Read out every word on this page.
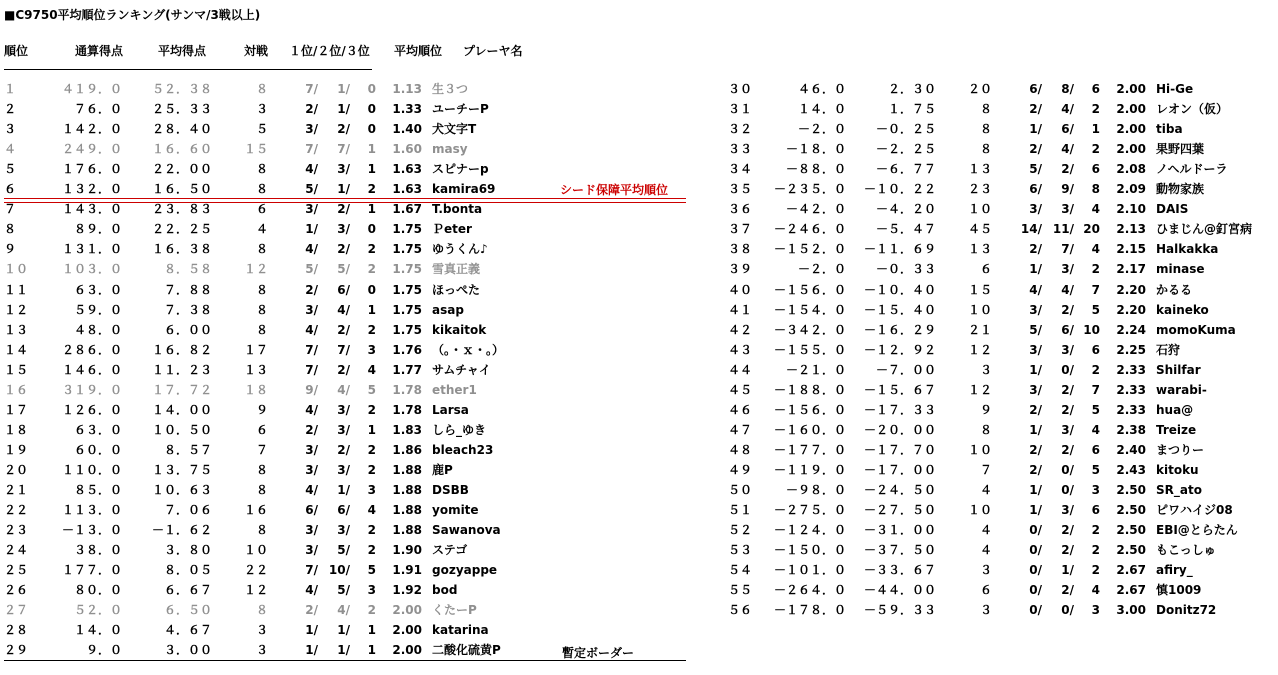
■C9750平均順位ランキング(サンマ/3戦以上)
順位	通算得点	平均得点	対戦 １位/２位/３位 平均順位 プレーヤ名
シード保障平均順位
暫定ボーダー
１	４１９．０	５２．３８	８	7/	1/	0	1.13 生３つ
２	７６．０	２５．３３	３	2/	1/	0	1.33 ユーチーP
３	１４２．０	２８．４０	５	3/	2/	0	1.40 犬文字T
４	２４９．０	１６．６０	１５	7/	7/	1	1.60 masy
５	１７６．０	２２．００	８	4/	3/	1	1.63 スピナーp
６	１３２．０	１６．５０	８	5/	1/	2	1.63 kamira69
７	１４３．０	２３．８３	６	3/	2/	1	1.67 T.bonta
８	８９．０	２２．２５	４	1/	3/	0	1.75 Ｐeter
９	１３１．０	１６．３８	８	4/	2/	2	1.75 ゆうくん♪
１０	１０３．０	８．５８	１２	5/	5/	2	1.75 雪真正義
１１	６３．０	７．８８	８	2/	6/	0	1.75 ほっぺた
１２	５９．０	７．３８	８	3/	4/	1	1.75 asap
１３	４８．０	６．００	８	4/	2/	2	1.75 kikaitok
１４	２８６．０	１６．８２	１７	7/	7/	3	1.76 （。・ｘ・。）
１５	１４６．０	１１．２３	１３	7/	2/	4	1.77 サムチャイ
１６	３１９．０	１７．７２	１８	9/	4/	5	1.78 ether1
１７	１２６．０	１４．００	９	4/	3/	2	1.78 Larsa
１８	６３．０	１０．５０	６	2/	3/	1	1.83 しら_ゆき
１９	６０．０	８．５７	７	3/	2/	2	1.86 bleach23
２０	１１０．０	１３．７５	８	3/	3/	2	1.88 鹿P
２１	８５．０	１０．６３	８	4/	1/	3	1.88 DSBB
２２	１１３．０	７．０６	１６	6/	6/	4	1.88 yomite
２３	－１３．０	－１．６２	８	3/	3/	2	1.88 Sawanova
２４	３８．０	３．８０	１０	3/	5/	2	1.90 ステゴ
２５	１７７．０	８．０５	２２	7/ 10/	5	1.91 gozyappe
２６	８０．０	６．６７	１２	4/	5/	3	1.92 bod
２７	５２．０	６．５０	８	2/	4/	2	2.00 くたーP
２８	１４．０	４．６７	３	1/	1/	1	2.00 katarina
２９	９．０	３．００	３	1/	1/	1	2.00 二酸化硫黄P
３０	４６．０	２．３０	２０	6/	8/	6	2.00 Hi-Ge
３１	１４．０	１．７５	８	2/	4/	2	2.00 レオン（仮）
３２	－２．０	－０．２５	８	1/	6/	1	2.00 tiba
３３	－１８．０	－２．２５	８	2/	4/	2	2.00 果野四葉
３４	－８８．０	－６．７７	１３	5/	2/	6	2.08 ノヘルドーラ
３５	－２３５．０	－１０．２２	２３	6/	9/	8	2.09 動物家族
３６	－４２．０	－４．２０	１０	3/	3/	4	2.10 DAIS
３７	－２４６．０	－５．４７	４５	14/ 11/ 20	2.13 ひまじん@釘宮病
３８	－１５２．０	－１１．６９	１３	2/	7/	4	2.15 Halkakka
３９	－２．０	－０．３３	６	1/	3/	2	2.17 minase
４０	－１５６．０	－１０．４０	１５	4/	4/	7	2.20 かるる
４１	－１５４．０	－１５．４０	１０	3/	2/	5	2.20 kaineko
４２	－３４２．０	－１６．２９	２１	5/	6/ 10	2.24 momoKuma
４３	－１５５．０	－１２．９２	１２	3/	3/	6	2.25 石狩
４４	－２１．０	－７．００	３	1/	0/	2	2.33 Shilfar
４５	－１８８．０	－１５．６７	１２	3/	2/	7	2.33 warabi-
４６	－１５６．０	－１７．３３	９	2/	2/	5	2.33 hua@
４７	－１６０．０	－２０．００	８	1/	3/	4	2.38 Treize
４８	－１７７．０	－１７．７０	１０	2/	2/	6	2.40 まつりー
４９	－１１９．０	－１７．００	７	2/	0/	5	2.43 kitoku
５０	－９８．０	－２４．５０	４	1/	0/	3	2.50 SR_ato
５１	－２７５．０	－２７．５０	１０	1/	3/	6	2.50 ピワハイジ08
５２	－１２４．０	－３１．００	４	0/	2/	2	2.50 EBI@とらたん
５３	－１５０．０	－３７．５０	４	0/	2/	2	2.50 もこっしゅ
５４	－１０１．０	－３３．６７	３	0/	1/	2	2.67 afiry_
５５	－２６４．０	－４４．００	６	0/	2/	4	2.67 慎1009
５６	－１７８．０	－５９．３３	３	0/	0/	3	3.00 Donitz72
